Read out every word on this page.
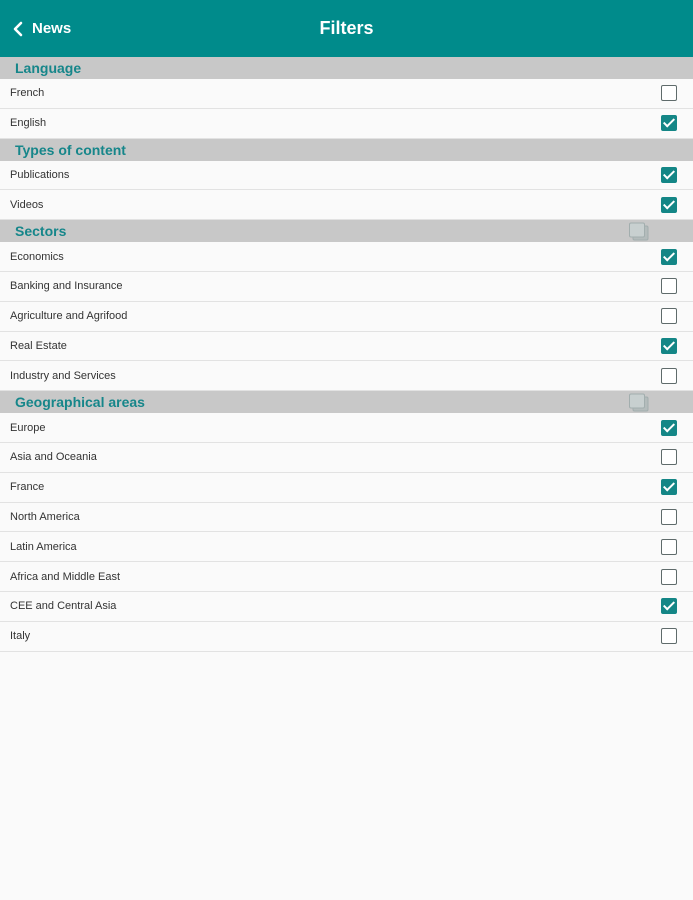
News	Filters
Language
French
English
Types of content
Publications
Videos
Sectors
Economics
Banking and Insurance
Agriculture and Agrifood
Real Estate
Industry and Services
Geographical areas
Europe
Asia and Oceania
France
North America
Latin America
Africa and Middle East
CEE and Central Asia
Italy
